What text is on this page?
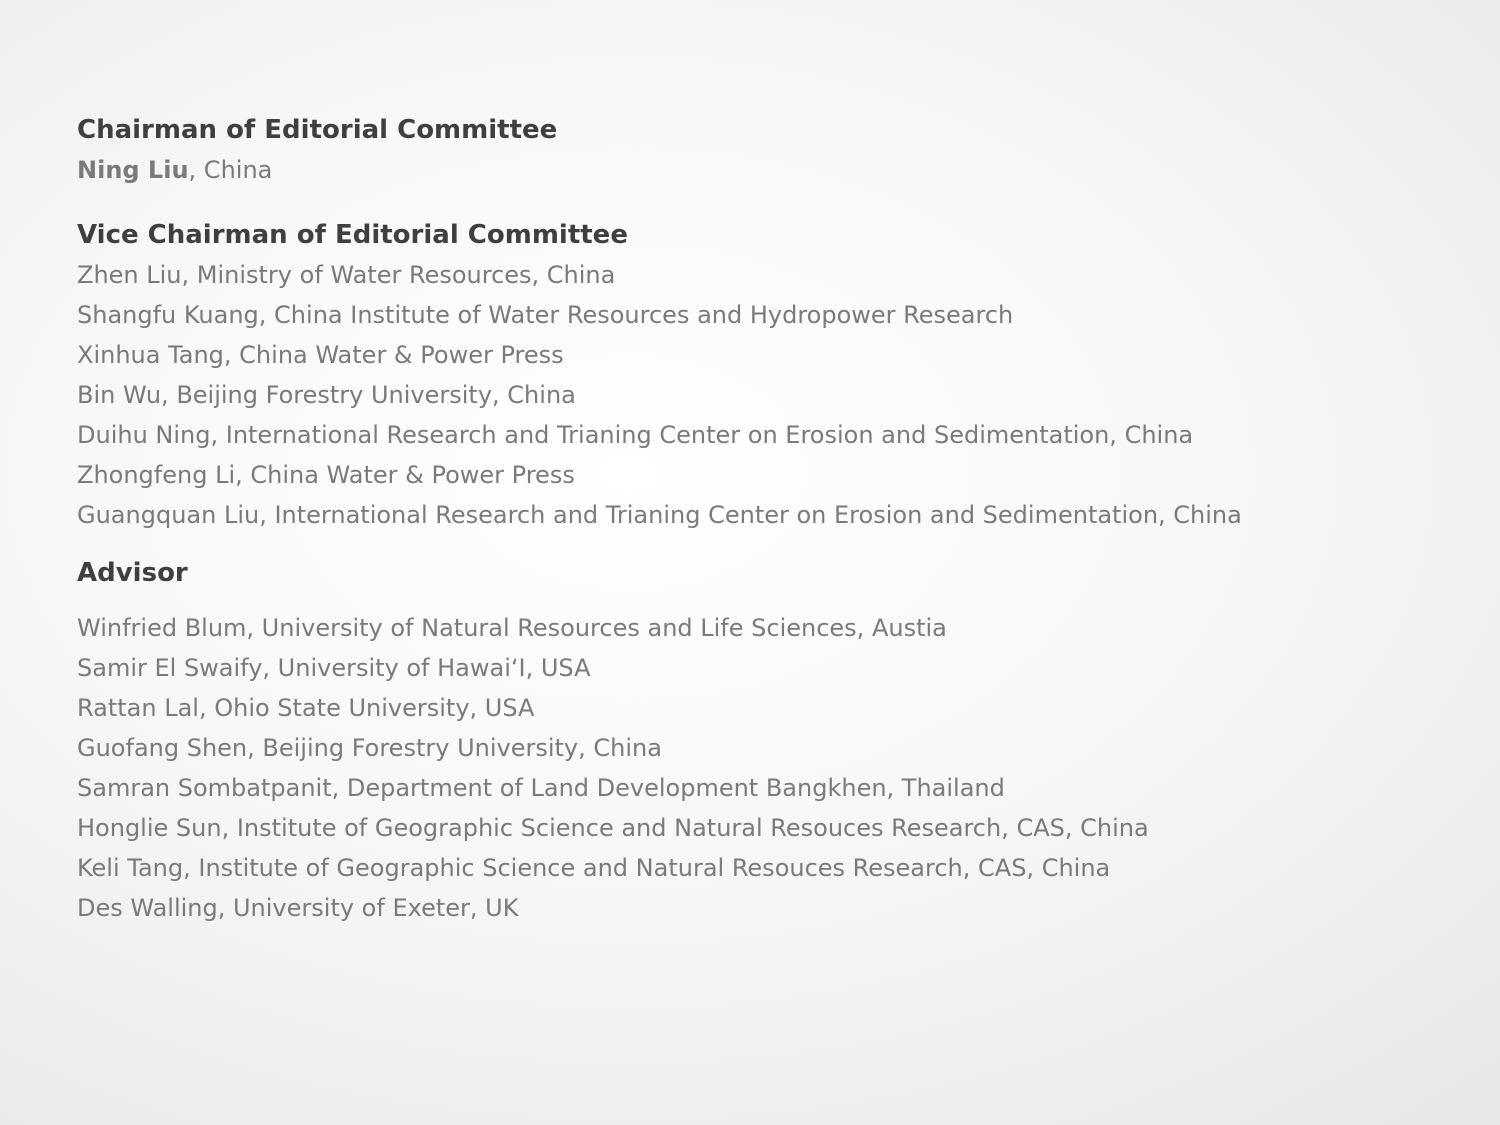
Chairman of Editorial Committee

Ning Liu, China

Vice Chairman of Editorial Committee

Zhen Liu, Ministry of Water Resources, China

Shangfu Kuang, China Institute of Water Resources and Hydropower Research

Xinhua Tang, China Water & Power Press

Bin Wu, Beijing Forestry University, China

Duihu Ning, International Research and Trianing Center on Erosion and Sedimentation, China

Zhongfeng Li, China Water & Power Press

Guangquan Liu, International Research and Trianing Center on Erosion and Sedimentation, China

Advisor

Winfried Blum, University of Natural Resources and Life Sciences, Austia

Samir El Swaify, University of Hawai‘I, USA

Rattan Lal, Ohio State University, USA

Guofang Shen, Beijing Forestry University, China

Samran Sombatpanit, Department of Land Development Bangkhen, Thailand

Honglie Sun, Institute of Geographic Science and Natural Resouces Research, CAS, China

Keli Tang, Institute of Geographic Science and Natural Resouces Research, CAS, China

Des Walling, University of Exeter, UK
